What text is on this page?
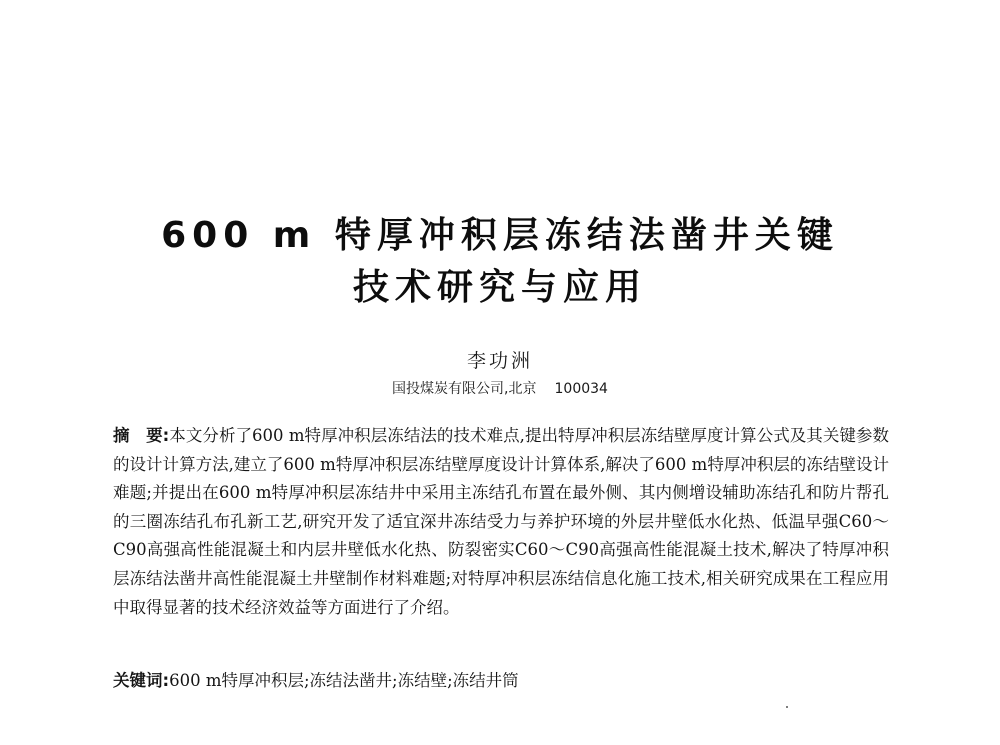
600 m 特厚冲积层冻结法凿井关键
技术研究与应用
李功洲
国投煤炭有限公司,北京 100034
摘　要:本文分析了600 m特厚冲积层冻结法的技术难点,提出特厚冲积层冻结壁厚度计算公式及其关键参数的设计计算方法,建立了600 m特厚冲积层冻结壁厚度设计计算体系,解决了600 m特厚冲积层的冻结壁设计难题;并提出在600 m特厚冲积层冻结井中采用主冻结孔布置在最外侧、其内侧增设辅助冻结孔和防片帮孔的三圈冻结孔布孔新工艺,研究开发了适宜深井冻结受力与养护环境的外层井壁低水化热、低温早强C60～C90高强高性能混凝土和内层井壁低水化热、防裂密实C60～C90高强高性能混凝土技术,解决了特厚冲积层冻结法凿井高性能混凝土井壁制作材料难题;对特厚冲积层冻结信息化施工技术,相关研究成果在工程应用中取得显著的技术经济效益等方面进行了介绍。
关键词:600 m特厚冲积层;冻结法凿井;冻结壁;冻结井筒
